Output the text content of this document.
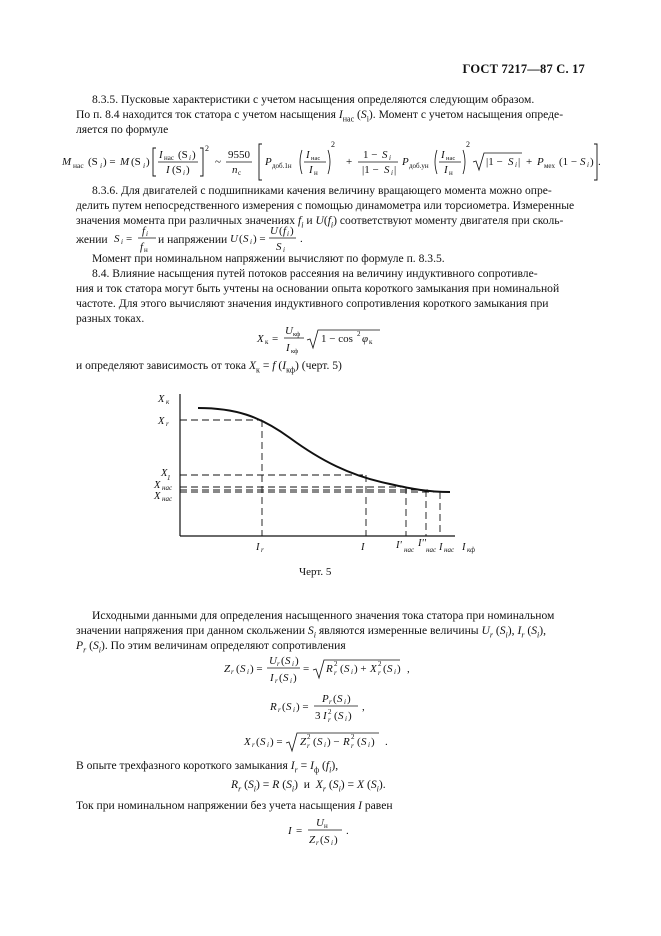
ГОСТ 7217—87 С. 17
8.3.5. Пусковые характеристики с учетом насыщения определяются следующим образом.
По п. 8.4 находится ток статора с учетом насыщения $I_{нас}$ $(S_i)$. Момент с учетом насыщения опреде-
ляется по формуле
M нас (S i ) = M (S i )
I нас (S i )
I (S i )
2
~
9550
n c
P доб.1н
I нас
I н
2
+
1 − S i
|1 − S i |
P доб.ун
I нас
I н
2
|1 − S i | + P мех (1 − S i ) .
8.3.6. Для двигателей с подшипниками качения величину вращающего момента можно опре-
делить путем непосредственного измерения с помощью динамометра или торсиометра. Измеренные
значения момента при различных значениях $f_i$ и $U(f_i)$ соответствуют моменту двигателя при сколь-
жении S i =
f i
f н
и напряжении U ( S i ) =
U ( f i )
S i
.
Момент при номинальном напряжении вычисляют по формуле п. 8.3.5.
8.4. Влияние насыщения путей потоков рассеяния на величину индуктивного сопротивле-
ния и ток статора могут быть учтены на основании опыта короткого замыкания при номинальной
частоте. Для этого вычисляют значения индуктивного сопротивления короткого замыкания при
разных токах.
X к =
U кф
I кф
1 − cos 2 φ к
и определяют зависимость от тока $X_к = f$ $(I_{кф})$ (черт. 5)
X к
X r
X 1
X нас
X нас
I r	I	I' нас
I''
нас I нас I кф
Черт. 5
Исходными данными для определения насыщенного значения тока статора при номинальном
значении напряжения при данном скольжении $S_i$ являются измеренные величины $U_r$ $(S_i)$, $I_r$ $(S_i)$,
$P_r$ $(S_i)$. По этим величинам определяют сопротивления
Z r ( S i ) =
U r ( S i )
I r ( S i )
= R 2
r ( S i ) + X 2
r ( S i ) ,
R r ( S i ) =
P r ( S i )
3 I 2
r ( S i )
,
X r ( S i ) = Z 2
r ( S i ) − R 2
r ( S i ) .
В опыте трехфазного короткого замыкания $I_r = I_ф$ $(f_i)$,
$R_r$ $(S_i) = R$ $(S_i)$  и  $X_r$ $(S_i) = X$ $(S_i)$.
Ток при номинальном напряжении без учета насыщения I равен
I =
U н
Z r ( S i )
.
